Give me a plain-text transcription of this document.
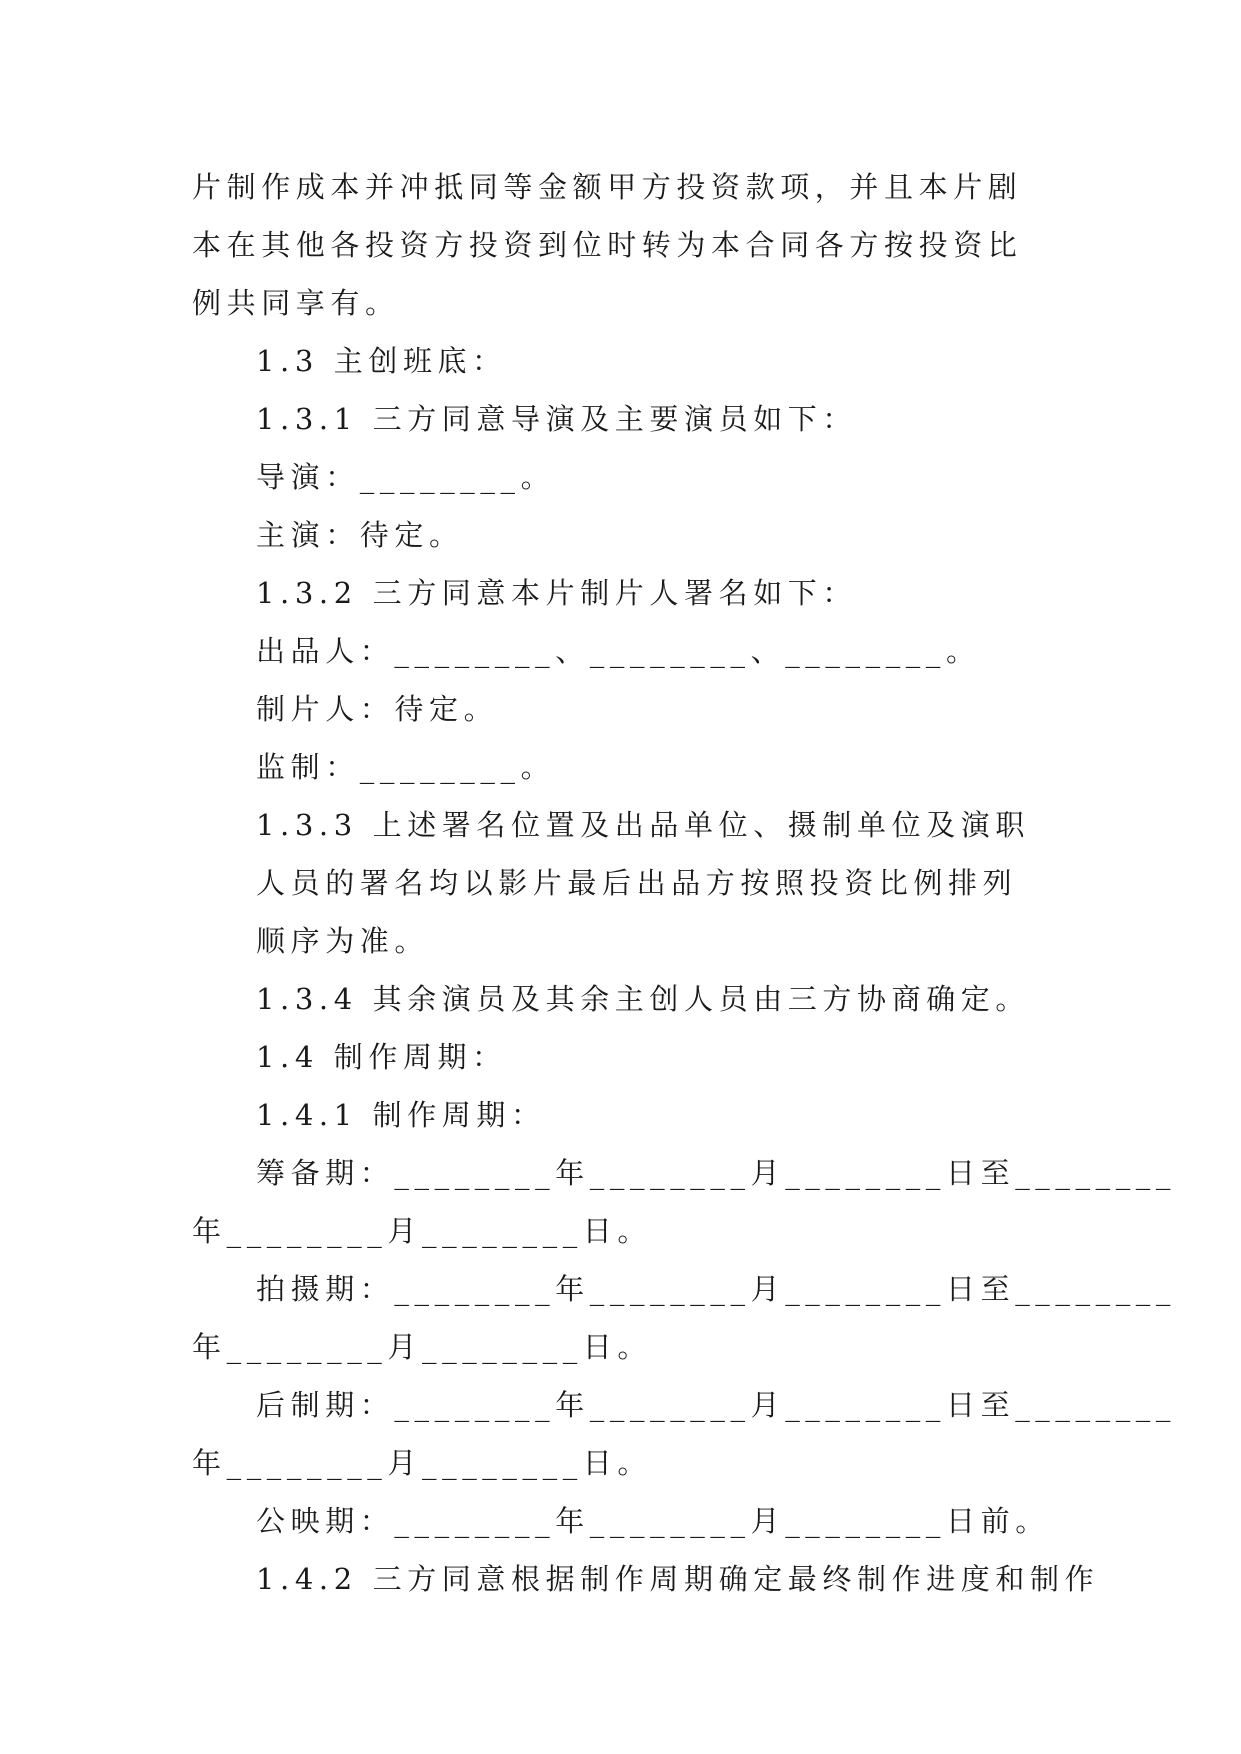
片制作成本并冲抵同等金额甲方投资款项，并且本片剧本在其他各投资方投资到位时转为本合同各方按投资比例共同享有。

1.3 主创班底：

1.3.1 三方同意导演及主要演员如下：

导演：________。

主演：待定。

1.3.2 三方同意本片制片人署名如下：

出品人：________、________、________。

制片人：待定。

监制：________。

1.3.3 上述署名位置及出品单位、摄制单位及演职人员的署名均以影片最后出品方按照投资比例排列顺序为准。

1.3.4 其余演员及其余主创人员由三方协商确定。

1.4 制作周期：

1.4.1 制作周期：

筹备期：________年________月________日至________

年________月________日。

拍摄期：________年________月________日至________

年________月________日。

后制期：________年________月________日至________

年________月________日。

公映期：________年________月________日前。

1.4.2 三方同意根据制作周期确定最终制作进度和制作
